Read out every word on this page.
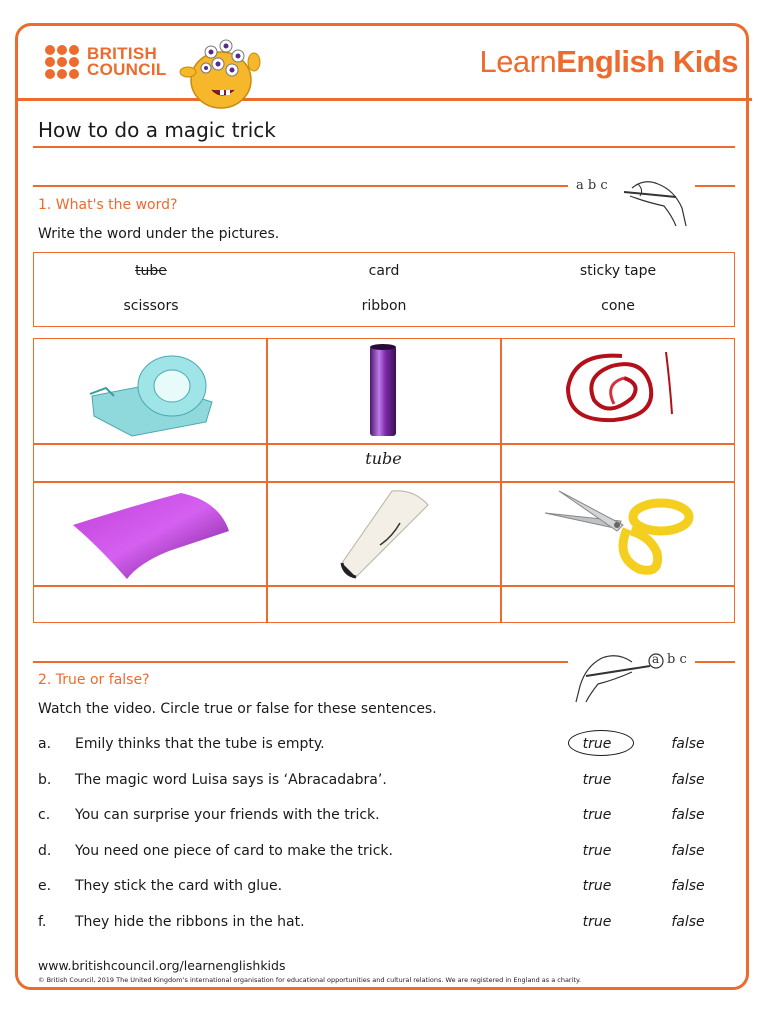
BRITISH
COUNCIL	LearnEnglish Kids
How to do a magic trick
a b c
1. What's the word?
Write the word under the pictures.
tube	card	sticky tape
scissors	ribbon	cone
tube
a b c
2. True or false?
Watch the video. Circle true or false for these sentences.
a. Emily thinks that the tube is empty.	true	false
b. The magic word Luisa says is ‘Abracadabra’.	true	false
c. You can surprise your friends with the trick.	true	false
d. You need one piece of card to make the trick.	true	false
e. They stick the card with glue.	true	false
f. They hide the ribbons in the hat.	true	false
www.britishcouncil.org/learnenglishkids
© British Council, 2019 The United Kingdom’s international organisation for educational opportunities and cultural relations. We are registered in England as a charity.
